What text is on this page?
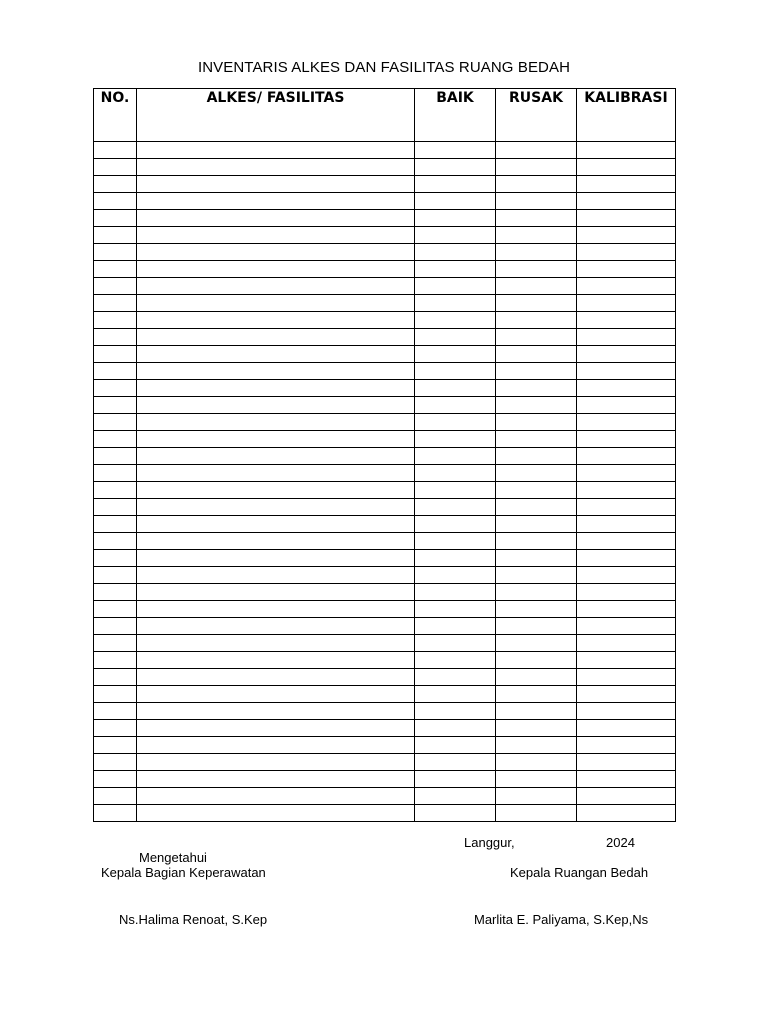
INVENTARIS ALKES DAN FASILITAS RUANG BEDAH
NO.	ALKES/ FASILITAS	BAIK	RUSAK	KALIBRASI

Langgur,	2024
Mengetahui
Kepala Bagian Keperawatan	Kepala Ruangan Bedah
Ns.Halima Renoat, S.Kep	Marlita E. Paliyama, S.Kep,Ns
